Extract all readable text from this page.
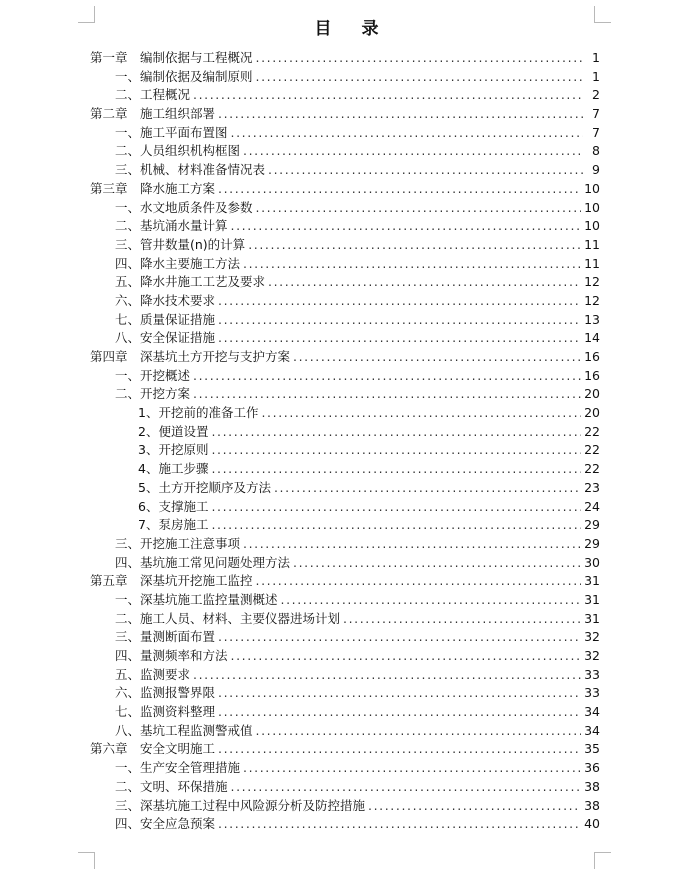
目 录
第一章　编制依据与工程概况 .....	1
一、编制依据及编制原则 .....	1
二、工程概况 .....	2
第二章　施工组织部署 .....	7
一、施工平面布置图 .....	7
二、人员组织机构框图 .....	8
三、机械、材料准备情况表 .....	9
第三章　降水施工方案 .....	10
一、水文地质条件及参数 .....	10
二、基坑涌水量计算 .....	10
三、管井数量(n)的计算 .....	11
四、降水主要施工方法 .....	11
五、降水井施工工艺及要求 .....	12
六、降水技术要求 .....	12
七、质量保证措施 .....	13
八、安全保证措施 .....	14
第四章　深基坑土方开挖与支护方案 .....	16
一、开挖概述 .....	16
二、开挖方案 .....	20
1、开挖前的准备工作 .....	20
2、便道设置 .....	22
3、开挖原则 .....	22
4、施工步骤 .....	22
5、土方开挖顺序及方法 .....	23
6、支撑施工 .....	24
7、泵房施工 .....	29
三、开挖施工注意事项 .....	29
四、基坑施工常见问题处理方法 .....	30
第五章　深基坑开挖施工监控 .....	31
一、深基坑施工监控量测概述 .....	31
二、施工人员、材料、主要仪器进场计划 .....	31
三、量测断面布置 .....	32
四、量测频率和方法 .....	32
五、监测要求 .....	33
六、监测报警界限 .....	33
七、监测资料整理 .....	34
八、基坑工程监测警戒值 .....	34
第六章　安全文明施工 .....	35
一、生产安全管理措施 .....	36
二、文明、环保措施 .....	38
三、深基坑施工过程中风险源分析及防控措施 .....	38
四、安全应急预案 .....	40
